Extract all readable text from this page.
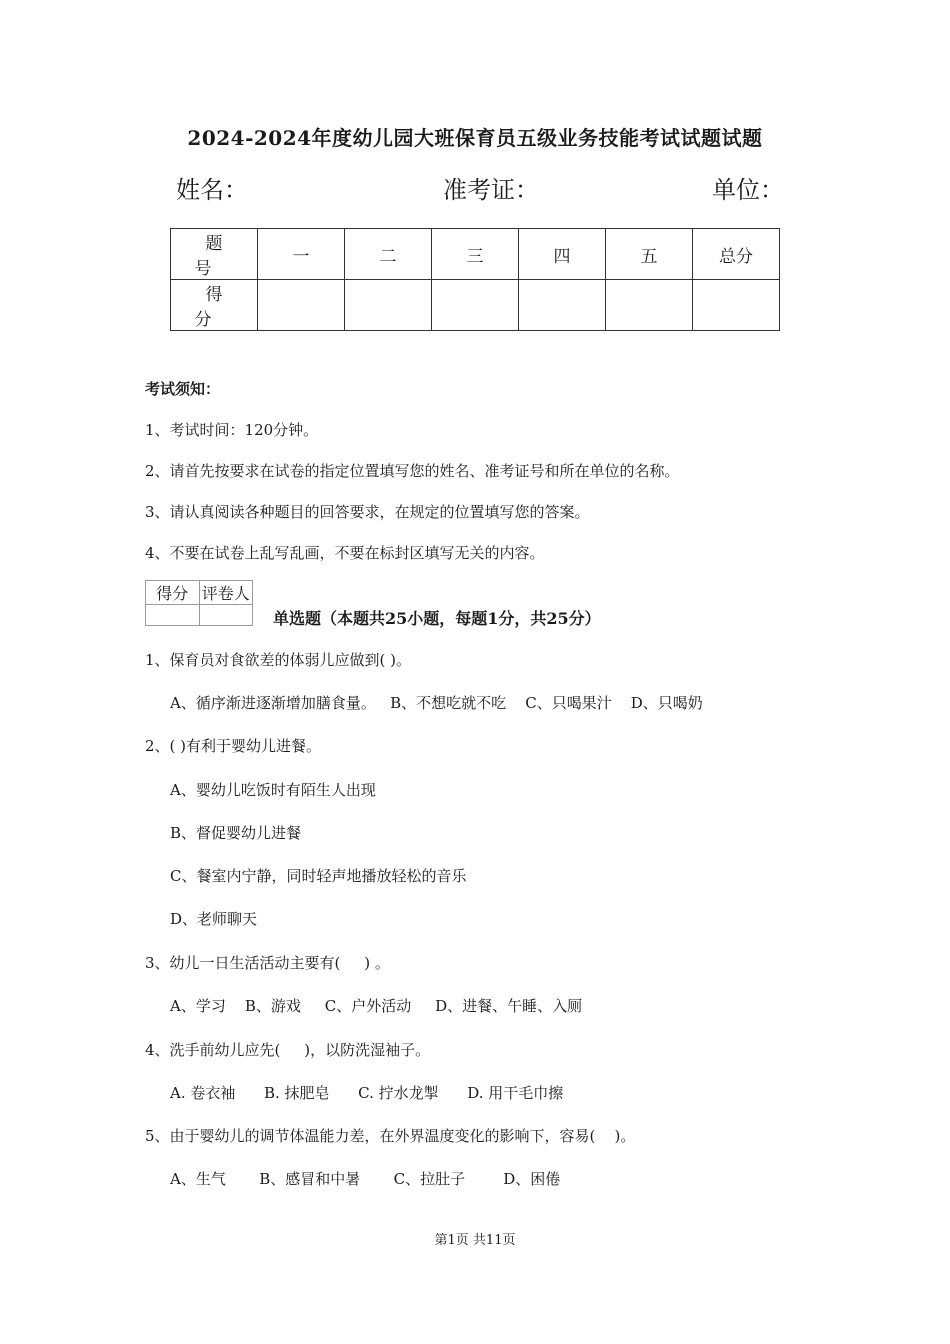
2024-2024年度幼儿园大班保育员五级业务技能考试试题试题
姓名：	准考证：	单位：
题号	一	二	三	四	五	总分
得分						
考试须知：
1、考试时间：120分钟。
2、请首先按要求在试卷的指定位置填写您的姓名、准考证号和所在单位的名称。
3、请认真阅读各种题目的回答要求，在规定的位置填写您的答案。
4、不要在试卷上乱写乱画，不要在标封区填写无关的内容。
得分	评卷人

单选题（本题共25小题，每题1分，共25分）
1、保育员对食欲差的体弱儿应做到( )。
A、循序渐进逐渐增加膳食量。   B、不想吃就不吃    C、只喝果汁    D、只喝奶
2、( )有利于婴幼儿进餐。
A、婴幼儿吃饭时有陌生人出现
B、督促婴幼儿进餐
C、餐室内宁静，同时轻声地播放轻松的音乐
D、老师聊天
3、幼儿一日生活活动主要有(     ) 。
A、学习    B、游戏     C、户外活动     D、进餐、午睡、入厕
4、洗手前幼儿应先(     )，以防洗湿袖子。
A. 卷衣袖      B. 抹肥皂      C. 拧水龙掣      D. 用干毛巾擦
5、由于婴幼儿的调节体温能力差，在外界温度变化的影响下，容易(    )。
A、生气       B、感冒和中暑       C、拉肚子        D、困倦
第1页 共11页
